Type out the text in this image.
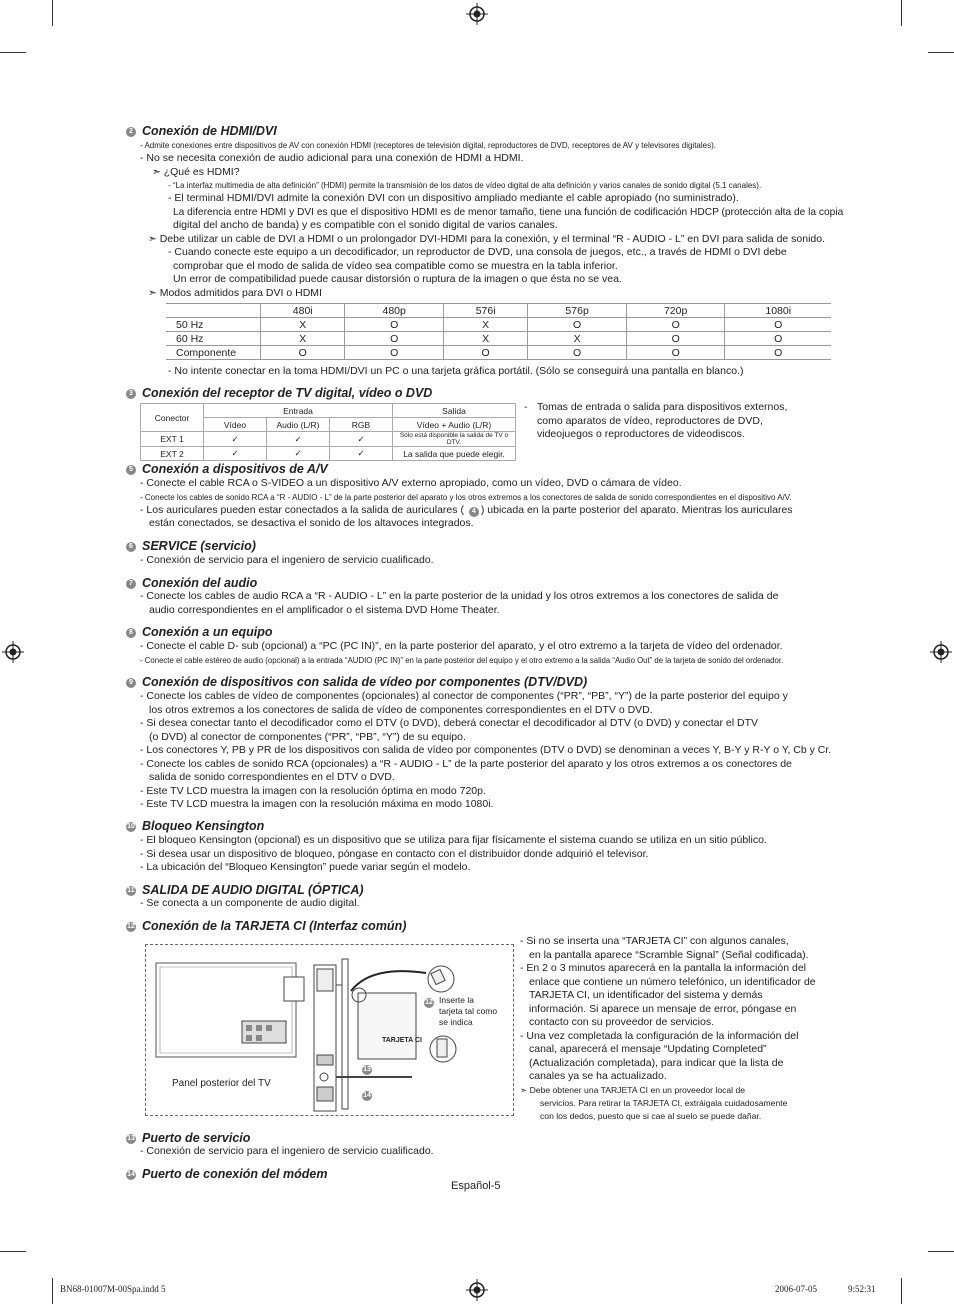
2 Conexión de HDMI/DVI
- Admite conexiones entre dispositivos de AV con conexión HDMI (receptores de televisión digital, reproductores de DVD, receptores de AV y televisores digitales).
- No se necesita conexión de audio adicional para una conexión de HDMI a HDMI.
➣ ¿Qué es HDMI?
- “La interfaz multimedia de alta definición” (HDMI) permite la transmisión de los datos de vídeo digital de alta definición y varios canales de sonido digital (5.1 canales).
- El terminal HDMI/DVI admite la conexión DVI con un dispositivo ampliado mediante el cable apropiado (no suministrado).
La diferencia entre HDMI y DVI es que el dispositivo HDMI es de menor tamaño, tiene una función de codificación HDCP (protección alta de la copia
digital del ancho de banda) y es compatible con el sonido digital de varios canales.
➣ Debe utilizar un cable de DVI a HDMI o un prolongador DVI-HDMI para la conexión, y el terminal “R - AUDIO - L” en DVI para salida de sonido.
- Cuando conecte este equipo a un decodificador, un reproductor de DVD, una consola de juegos, etc., a través de HDMI o DVI debe
comprobar que el modo de salida de vídeo sea compatible como se muestra en la tabla inferior.
Un error de compatibilidad puede causar distorsión o ruptura de la imagen o que ésta no se vea.
➣ Modos admitidos para DVI o HDMI
	480i	480p	576i	576p	720p	1080i
50 Hz	X	O	X	O	O	O
60 Hz	X	O	X	X	O	O
Componente	O	O	O	O	O	O
- No intente conectar en la toma HDMI/DVI un PC o una tarjeta gráfica portátil. (Sólo se conseguirá una pantalla en blanco.)
3 Conexión del receptor de TV digital, vídeo o DVD
Conector	Entrada			Salida
	Vídeo	Audio (L/R)	RGB	Vídeo + Audio (L/R)
EXT 1	✓	✓	✓	Sólo está disponible la salida de TV o DTV.
EXT 2	✓	✓	✓	La salida que puede elegir.
- Tomas de entrada o salida para dispositivos externos,
como aparatos de vídeo, reproductores de DVD,
videojuegos o reproductores de videodiscos.
5 Conexión a dispositivos de A/V
- Conecte el cable RCA o S-VIDEO a un dispositivo A/V externo apropiado, como un vídeo, DVD o cámara de vídeo.
- Conecte los cables de sonido RCA a “R - AUDIO - L” de la parte posterior del aparato y los otros extremos a los conectores de salida de sonido correspondientes en el dispositivo A/V.
- Los auriculares pueden estar conectados a la salida de auriculares ( 4 ) ubicada en la parte posterior del aparato. Mientras los auriculares
están conectados, se desactiva el sonido de los altavoces integrados.
6 SERVICE (servicio)
- Conexión de servicio para el ingeniero de servicio cualificado.
7 Conexión del audio
- Conecte los cables de audio RCA a “R - AUDIO - L” en la parte posterior de la unidad y los otros extremos a los conectores de salida de
audio correspondientes en el amplificador o el sistema DVD Home Theater.
8 Conexión a un equipo
- Conecte el cable D- sub (opcional) a “PC (PC IN)”, en la parte posterior del aparato, y el otro extremo a la tarjeta de vídeo del ordenador.
- Conecte el cable estéreo de audio (opcional) a la entrada “AUDIO (PC IN)” en la parte posterior del equipo y el otro extremo a la salida “Audio Out” de la tarjeta de sonido del ordenador.
9 Conexión de dispositivos con salida de vídeo por componentes (DTV/DVD)
- Conecte los cables de vídeo de componentes (opcionales) al conector de componentes (“PR”, “PB”, “Y”) de la parte posterior del equipo y
los otros extremos a los conectores de salida de vídeo de componentes correspondientes en el DTV o DVD.
- Si desea conectar tanto el decodificador como el DTV (o DVD), deberá conectar el decodificador al DTV (o DVD) y conectar el DTV
(o DVD) al conector de componentes (“PR”, “PB”, “Y”) de su equipo.
- Los conectores Y, PB y PR de los dispositivos con salida de vídeo por componentes (DTV o DVD) se denominan a veces Y, B-Y y R-Y o Y, Cb y Cr.
- Conecte los cables de sonido RCA (opcionales) a “R - AUDIO - L” de la parte posterior del aparato y los otros extremos a os conectores de
salida de sonido correspondientes en el DTV o DVD.
- Este TV LCD muestra la imagen con la resolución óptima en modo 720p.
- Este TV LCD muestra la imagen con la resolución máxima en modo 1080i.
10 Bloqueo Kensington
- El bloqueo Kensington (opcional) es un dispositivo que se utiliza para fijar físicamente el sistema cuando se utiliza en un sitio público.
- Si desea usar un dispositivo de bloqueo, póngase en contacto con el distribuidor donde adquirió el televisor.
- La ubicación del “Bloqueo Kensington” puede variar según el modelo.
11 SALIDA DE AUDIO DIGITAL (ÓPTICA)
- Se conecta a un componente de audio digital.
12 Conexión de la TARJETA CI (Interfaz común)
Panel posterior del TV
12 Inserte la
tarjeta tal como
se indica
TARJETA CI
13
14
- Si no se inserta una “TARJETA CI” con algunos canales,
en la pantalla aparece “Scramble Signal” (Señal codificada).
- En 2 o 3 minutos aparecerá en la pantalla la información del
enlace que contiene un número telefónico, un identificador de
TARJETA CI, un identificador del sistema y demás
información. Si aparece un mensaje de error, póngase en
contacto con su proveedor de servicios.
- Una vez completada la configuración de la información del
canal, aparecerá el mensaje “Updating Completed”
(Actualización completada), para indicar que la lista de
canales ya se ha actualizado.
➣ Debe obtener una TARJETA CI en un proveedor local de
servicios. Para retirar la TARJETA CI, extráigala cuidadosamente
con los dedos, puesto que si cae al suelo se puede dañar.
13 Puerto de servicio
- Conexión de servicio para el ingeniero de servicio cualificado.
14 Puerto de conexión del módem
Español-5
BN68-01007M-00Spa.indd 5	2006-07-05	9:52:31
